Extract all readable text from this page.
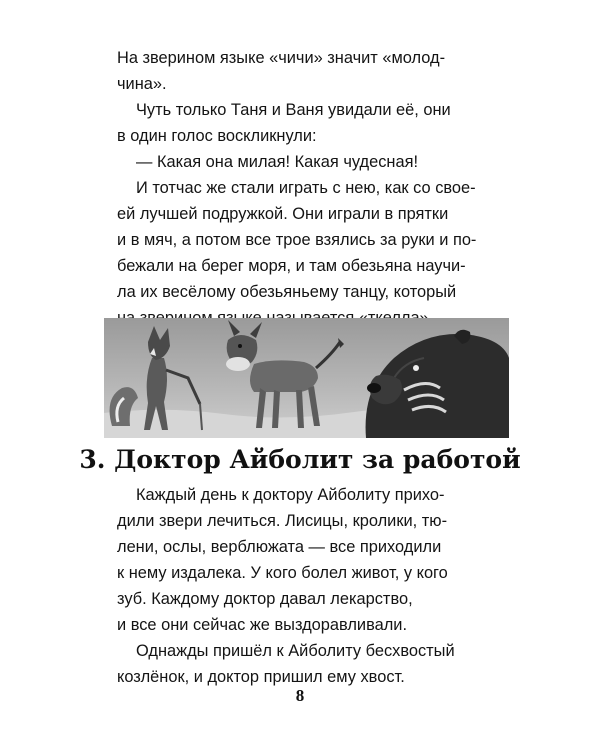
На зверином языке «чичи» значит «молод-
чина».

Чуть только Таня и Ваня увидали её, они
в один голос воскликнули:

— Какая она милая! Какая чудесная!

И тотчас же стали играть с нею, как со свое-
ей лучшей подружкой. Они играли в прятки
и в мяч, а потом все трое взялись за руки и по-
бежали на берег моря, и там обезьяна научи-
ла их весёлому обезьяньему танцу, который

3. Доктор Айболит за работой

Каждый день к доктору Айболиту прихо-
дили звери лечиться. Лисицы, кролики, тю-
лени, ослы, верблюжата — все приходили
к нему издалека. У кого болел живот, у кого
зуб. Каждому доктор давал лекарство,
и все они сейчас же выздоравливали.

Однажды пришёл к Айболиту бесхвостый
козлёнок, и доктор пришил ему хвост.

8
